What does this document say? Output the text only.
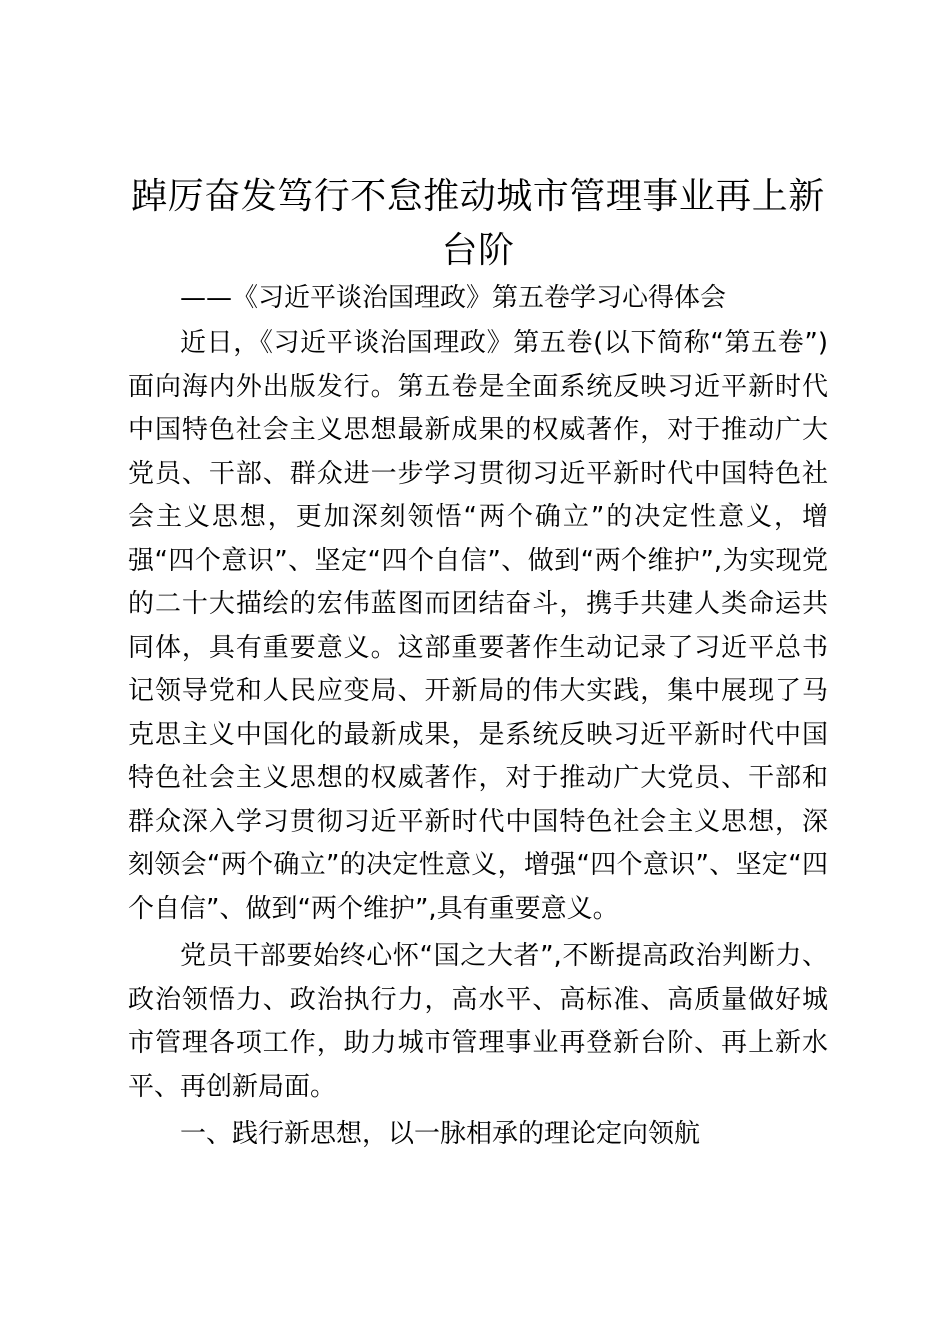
踔厉奋发笃行不怠推动城市管理事业再上新台阶

——《习近平谈治国理政》第五卷学习心得体会

近日，《习近平谈治国理政》第五卷(以下简称“第五卷”)面向海内外出版发行。第五卷是全面系统反映习近平新时代中国特色社会主义思想最新成果的权威著作，对于推动广大党员、干部、群众进一步学习贯彻习近平新时代中国特色社会主义思想，更加深刻领悟“两个确立”的决定性意义，增强“四个意识”、坚定“四个自信”、做到“两个维护”,为实现党的二十大描绘的宏伟蓝图而团结奋斗，携手共建人类命运共同体，具有重要意义。这部重要著作生动记录了习近平总书记领导党和人民应变局、开新局的伟大实践，集中展现了马克思主义中国化的最新成果，是系统反映习近平新时代中国特色社会主义思想的权威著作，对于推动广大党员、干部和群众深入学习贯彻习近平新时代中国特色社会主义思想，深刻领会“两个确立”的决定性意义，增强“四个意识”、坚定“四个自信”、做到“两个维护”,具有重要意义。

党员干部要始终心怀“国之大者”,不断提高政治判断力、政治领悟力、政治执行力，高水平、高标准、高质量做好城市管理各项工作，助力城市管理事业再登新台阶、再上新水平、再创新局面。

一、践行新思想，以一脉相承的理论定向领航
